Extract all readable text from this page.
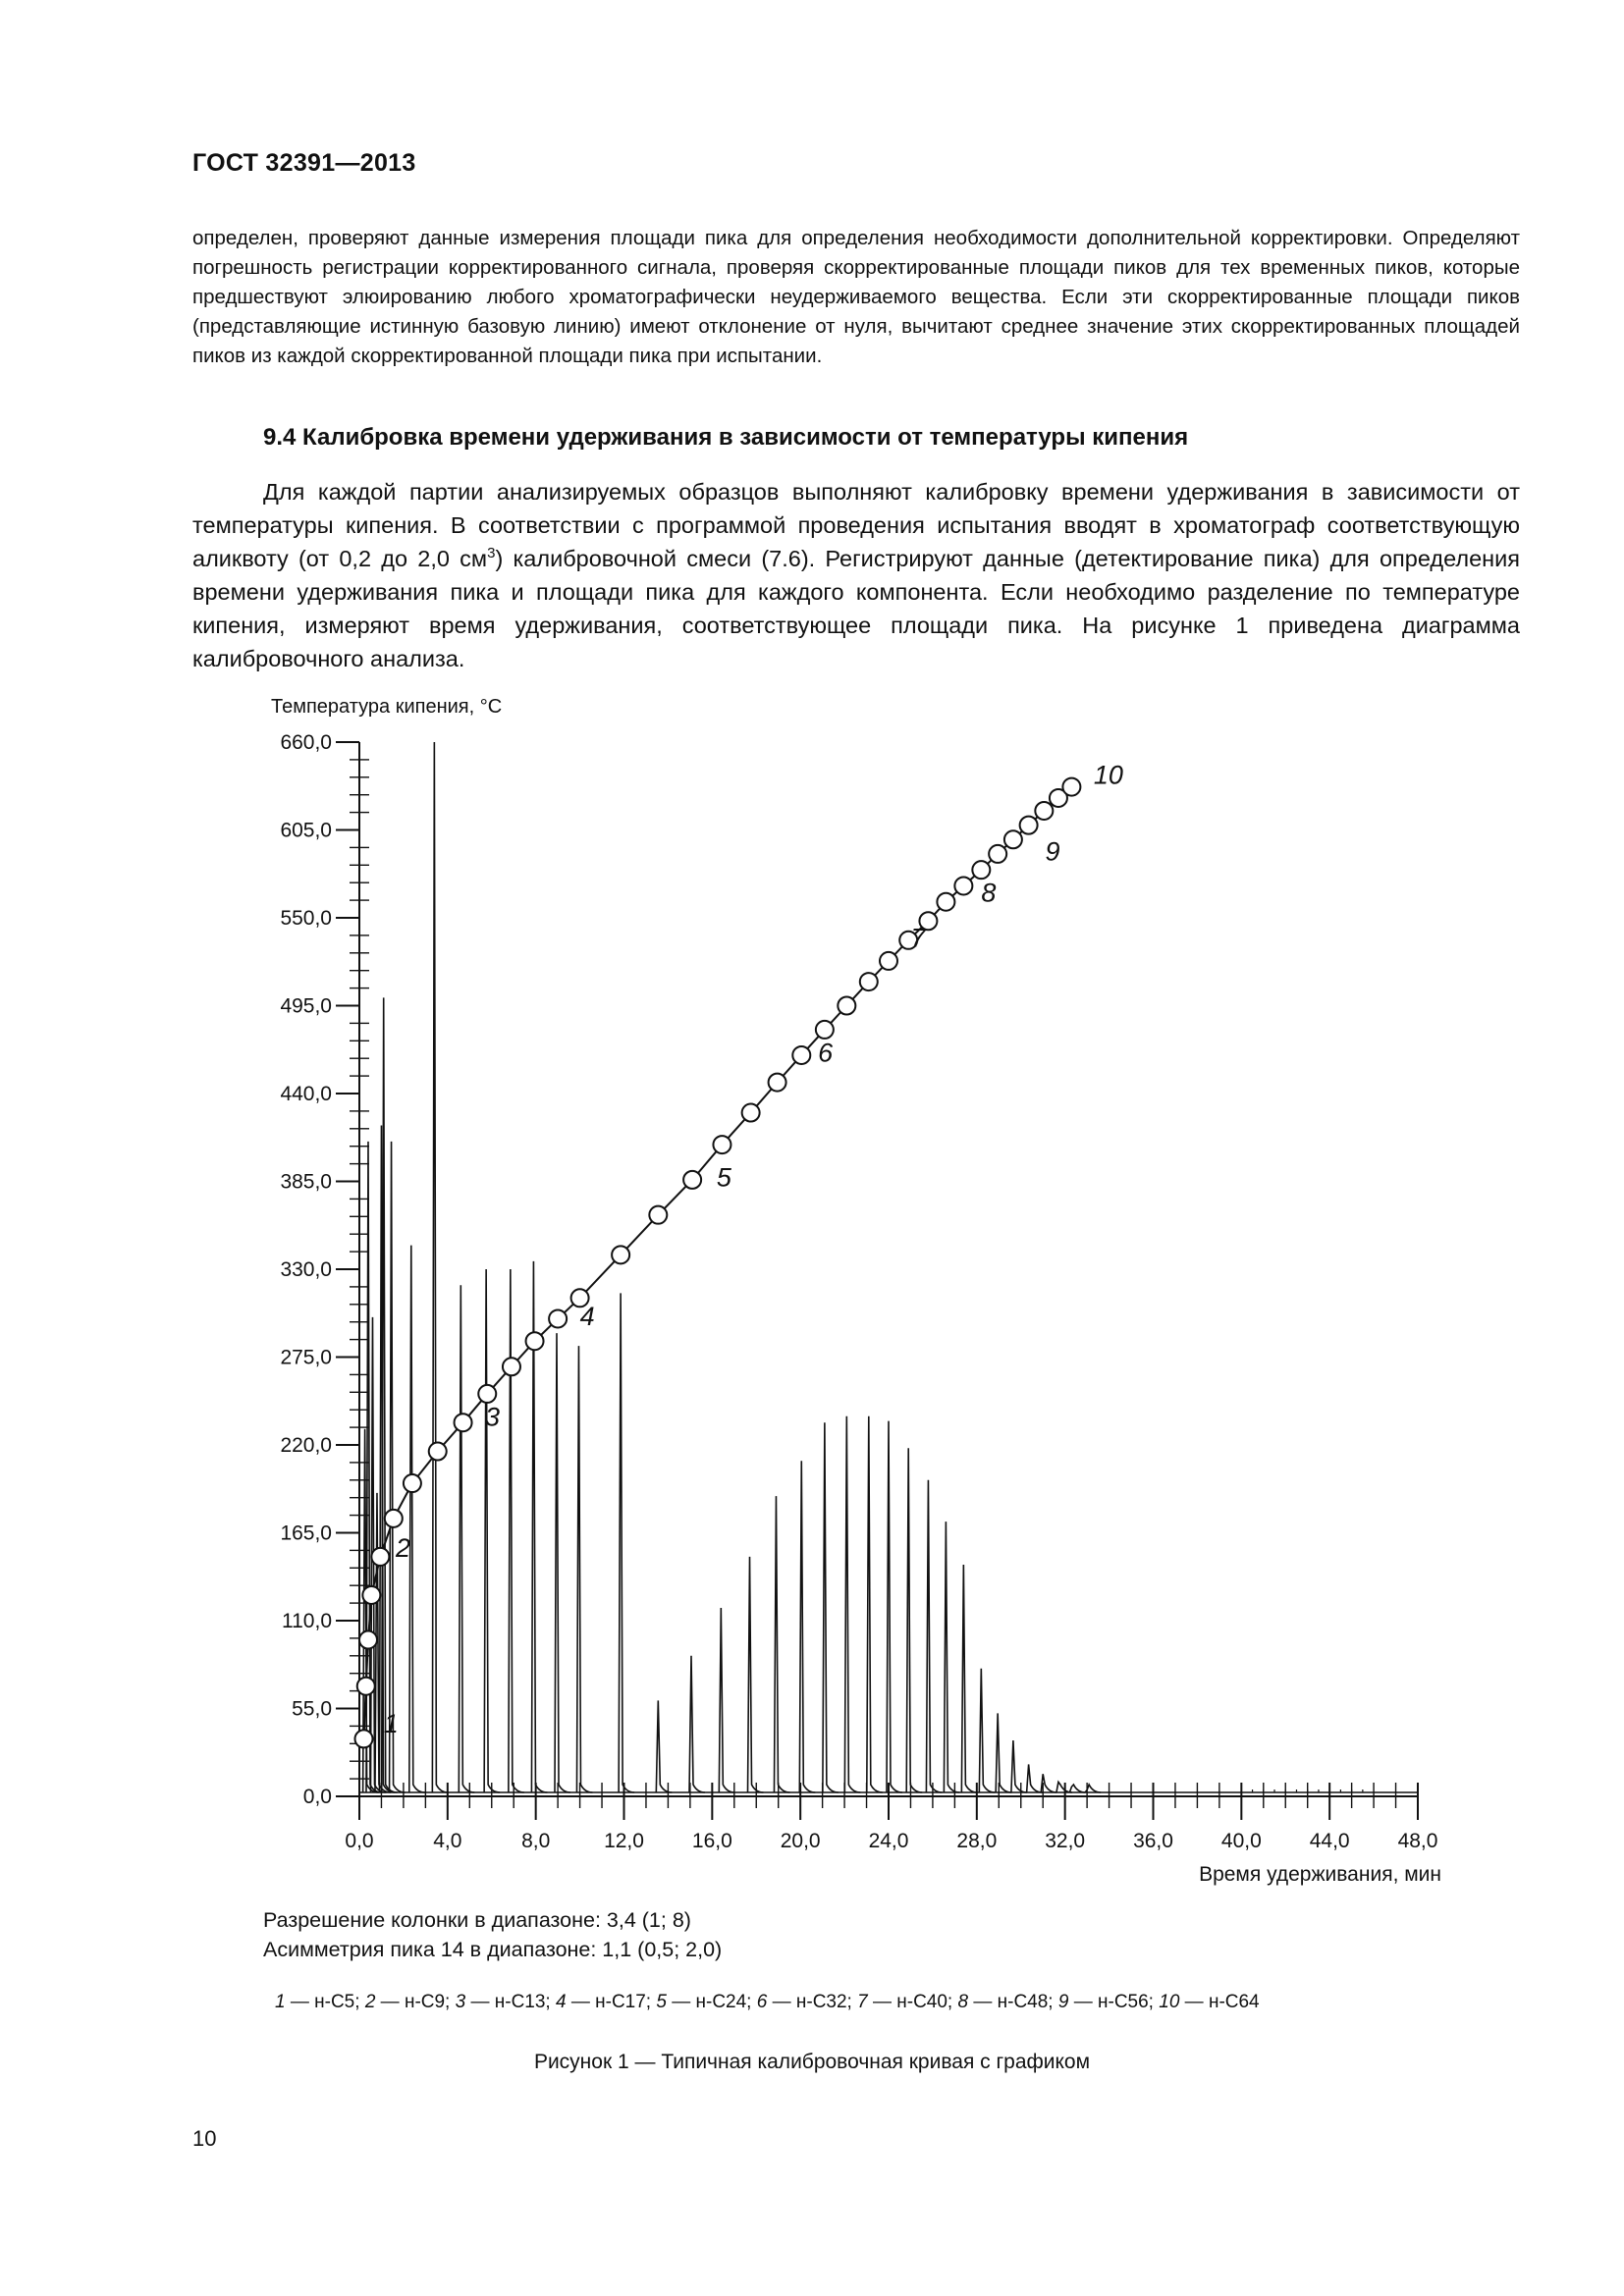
ГОСТ 32391—2013

определен, проверяют данные измерения площади пика для определения необходимости дополнительной корректировки. Определяют погрешность регистрации корректированного сигнала, проверяя скорректированные площади пиков для тех временных пиков, которые предшествуют элюированию любого хроматографически неудерживаемого вещества. Если эти скорректированные площади пиков (представляющие истинную базовую линию) имеют отклонение от нуля, вычитают среднее значение этих скорректированных площадей пиков из каждой скорректированной площади пика при испытании.

9.4 Калибровка времени удерживания в зависимости от температуры кипения

Для каждой партии анализируемых образцов выполняют калибровку времени удерживания в зависимости от температуры кипения. В соответствии с программой проведения испытания вводят в хроматограф соответствующую аликвоту (от 0,2 до 2,0 $см^3$) калибровочной смеси (7.6). Регистрируют данные (детектирование пика) для определения времени удерживания пика и площади пика для каждого компонента. Если необходимо разделение по температуре кипения, измеряют время удерживания, соответствующее площади пика. На рисунке 1 приведена диаграмма калибровочного анализа.

0,0
55,0
110,0
165,0
220,0
275,0
330,0
385,0
440,0
495,0
550,0
605,0
660,0
0,0	4,0	8,0	12,0 16,0 20,0 24,0 28,0 32,0 36,0 40,0 44,0 48,0
Температура кипения, °C
Время удерживания, мин
1
2
3
4
5
6
7
8
9
10
Разрешение колонки в диапазоне: 3,4 (1; 8)
Асимметрия пика 14 в диапазоне: 1,1 (0,5; 2,0)
1 — н-С5; 2 — н-С9; 3 — н-С13; 4 — н-С17; 5 — н-С24; 6 — н-С32; 7 — н-С40; 8 — н-С48; 9 — н-С56; 10 — н-С64
Рисунок 1 — Типичная калибровочная кривая с графиком
10
